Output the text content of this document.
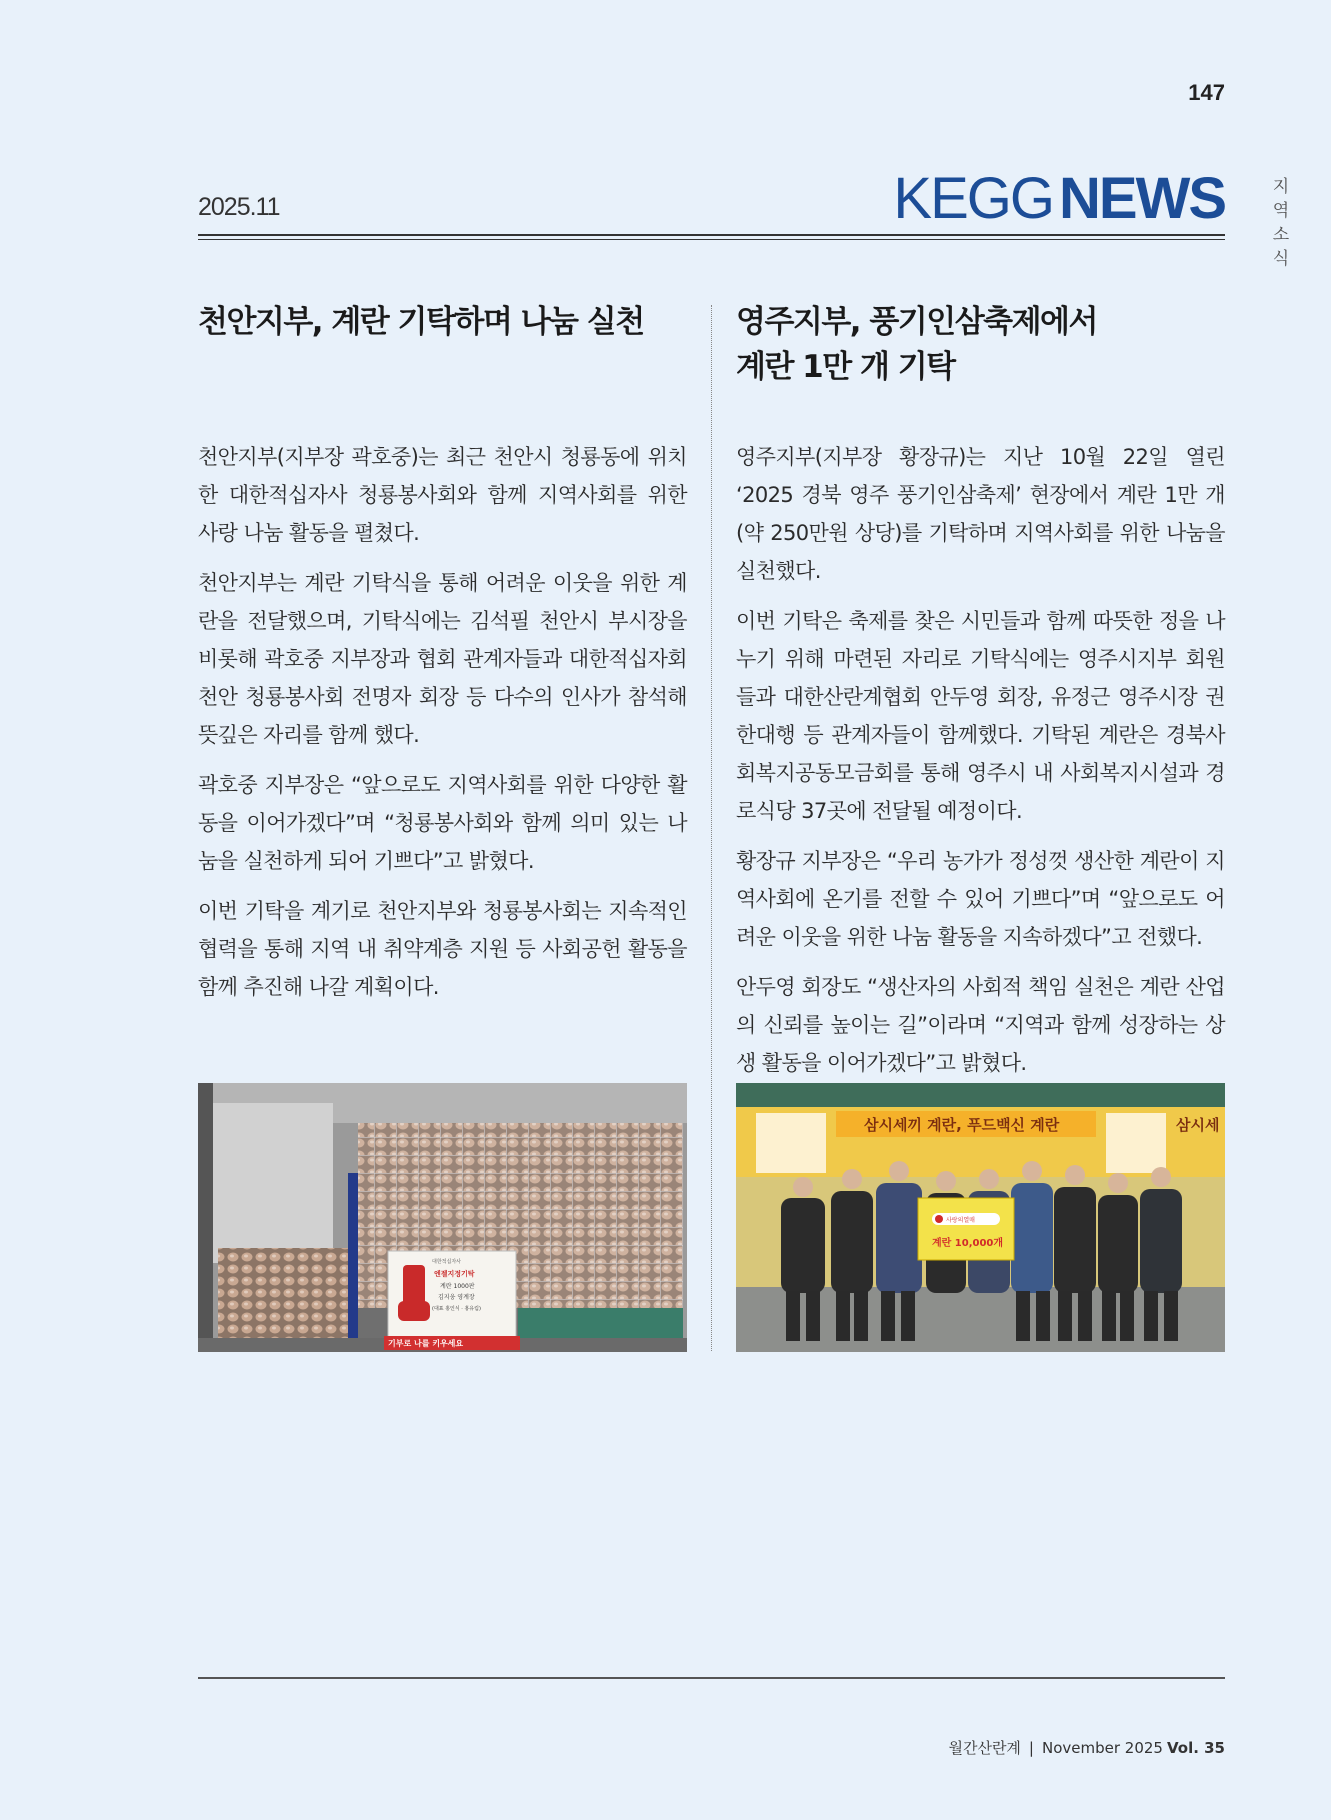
147
지역소식
2025.11	KEGG NEWS
천안지부, 계란 기탁하며 나눔 실천

천안지부(지부장 곽호중)는 최근 천안시 청룡동에 위치한 대한적십자사 청룡봉사회와 함께 지역사회를 위한 사랑 나눔 활동을 펼쳤다.

천안지부는 계란 기탁식을 통해 어려운 이웃을 위한 계란을 전달했으며, 기탁식에는 김석필 천안시 부시장을 비롯해 곽호중 지부장과 협회 관계자들과 대한적십자회 천안 청룡봉사회 전명자 회장 등 다수의 인사가 참석해 뜻깊은 자리를 함께 했다.

곽호중 지부장은 “앞으로도 지역사회를 위한 다양한 활동을 이어가겠다”며 “청룡봉사회와 함께 의미 있는 나눔을 실천하게 되어 기쁘다”고 밝혔다.

이번 기탁을 계기로 천안지부와 청룡봉사회는 지속적인 협력을 통해 지역 내 취약계층 지원 등 사회공헌 활동을 함께 추진해 나갈 계획이다.

영주지부, 풍기인삼축제에서
계란 1만 개 기탁

영주지부(지부장 황장규)는 지난 10월 22일 열린 ‘2025 경북 영주 풍기인삼축제’ 현장에서 계란 1만 개(약 250만원 상당)를 기탁하며 지역사회를 위한 나눔을 실천했다.

이번 기탁은 축제를 찾은 시민들과 함께 따뜻한 정을 나누기 위해 마련된 자리로 기탁식에는 영주시지부 회원들과 대한산란계협회 안두영 회장, 유정근 영주시장 권한대행 등 관계자들이 함께했다. 기탁된 계란은 경북사회복지공동모금회를 통해 영주시 내 사회복지시설과 경로식당 37곳에 전달될 예정이다.

황장규 지부장은 “우리 농가가 정성껏 생산한 계란이 지역사회에 온기를 전할 수 있어 기쁘다”며 “앞으로도 어려운 이웃을 위한 나눔 활동을 지속하겠다”고 전했다.

안두영 회장도 “생산자의 사회적 책임 실천은 계란 산업의 신뢰를 높이는 길”이라며 “지역과 함께 성장하는 상생 활동을 이어가겠다”고 밝혔다.

대한적십자사
엔젤지정기탁
계란 1000판
김지웅 영계장
(대표 홍인식 · 홍유림)
기부로 나를 키우세요
삼시세끼 계란, 푸드백신 계란	삼시세
사랑의열매
계란 10,000개
월간산란계 | November 2025 Vol. 35
